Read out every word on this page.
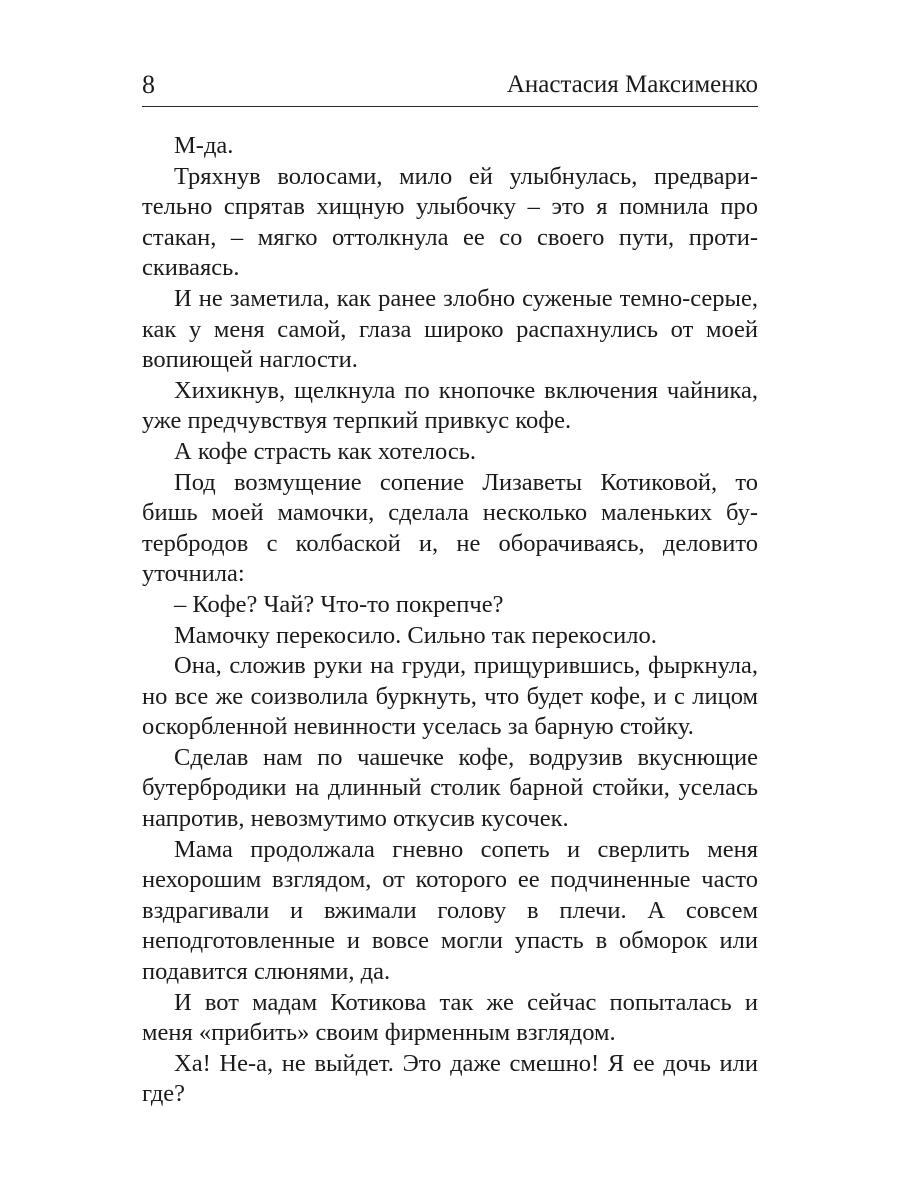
8	Анастасия Максименко

М-да.

Тряхнув волосами, мило ей улыбнулась, предварительно спрятав хищную улыбочку – это я помнила про стакан, – мягко оттолкнула ее со своего пути, протискиваясь.

И не заметила, как ранее злобно суженые темно-серые, как у меня самой, глаза широко распахнулись от моей вопиющей наглости.

Хихикнув, щелкнула по кнопочке включения чайника, уже предчувствуя терпкий привкус кофе.

А кофе страсть как хотелось.

Под возмущение сопение Лизаветы Котиковой, то бишь моей мамочки, сделала несколько маленьких бутербродов с колбаской и, не оборачиваясь, деловито уточнила:

– Кофе? Чай? Что-то покрепче?

Мамочку перекосило. Сильно так перекосило.

Она, сложив руки на груди, прищурившись, фыркнула, но все же соизволила буркнуть, что будет кофе, и с лицом оскорбленной невинности уселась за барную стойку.

Сделав нам по чашечке кофе, водрузив вкуснющие бутербродики на длинный столик барной стойки, уселась напротив, невозмутимо откусив кусочек.

Мама продолжала гневно сопеть и сверлить меня нехорошим взглядом, от которого ее подчиненные часто вздрагивали и вжимали голову в плечи. А совсем неподготовленные и вовсе могли упасть в обморок или подавится слюнями, да.

И вот мадам Котикова так же сейчас попыталась и меня «прибить» своим фирменным взглядом.

Ха! Не-а, не выйдет. Это даже смешно! Я ее дочь или где?
